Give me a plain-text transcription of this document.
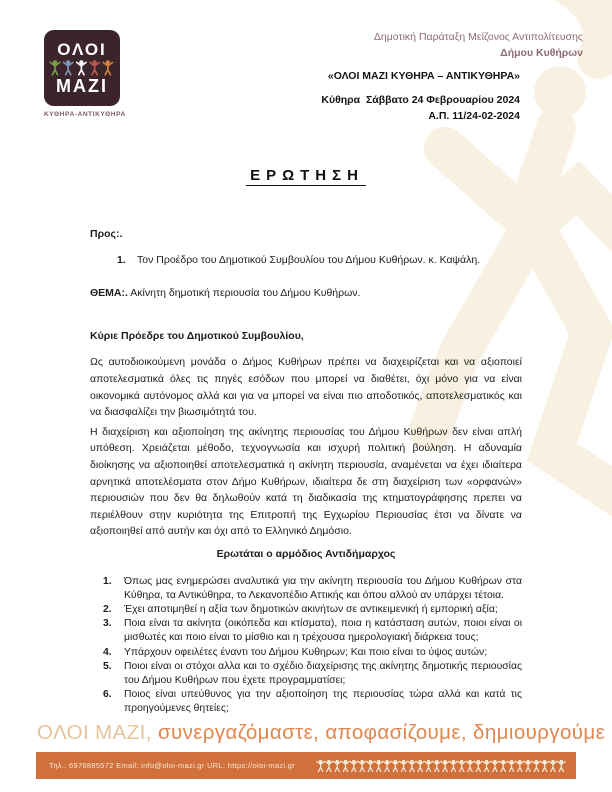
ΟΛΟΙ
ΜΑΖΙ
ΚΥΘΗΡΑ-ΑΝΤΙΚΥΘΗΡΑ
Δημοτική Παράταξη Μείζονος Αντιπολίτευσης
Δήμου Κυθήρων
«ΟΛΟΙ ΜΑΖΙ ΚΥΘΗΡΑ – ΑΝΤΙΚΥΘΗΡΑ»
Κύθηρα  Σάββατο 24 Φεβρουαρίου 2024
Α.Π. 11/24-02-2024
ΕΡΩΤΗΣΗ
Προς:.
1.	Τον Προέδρο του Δημοτικού Συμβουλίου του Δήμου Κυθήρων. κ. Καψάλη.
ΘΕΜΑ:. Ακίνητη δημοτική περιουσία του Δήμου Κυθήρων.
Κύριε Πρόεδρε του Δημοτικού Συμβουλίου,
Ως αυτοδιοικούμενη μονάδα ο Δήμος Κυθήρων πρέπει να διαχειρίζεται και να αξιοποιεί αποτελεσματικά όλες τις πηγές εσόδων που μπορεί να διαθέτει, όχι μόνο για να είναι οικονομικά αυτόνομος αλλά και για να μπορεί να είναι πιο αποδοτικός, αποτελεσματικός και να διασφαλίζει την βιωσιμότητά του.
Η διαχείριση και αξιοποίηση της ακίνητης περιουσίας του Δήμου Κυθήρων δεν είναι απλή υπόθεση. Χρειάζεται μέθοδο, τεχνογνωσία και ισχυρή πολιτική βούληση. Η αδυναμία διοίκησης να αξιοποιηθεί αποτελεσματικά η ακίνητη περιουσία, αναμένεται να έχει ιδιαίτερα αρνητικά αποτελέσματα στον Δήμο Κυθήρων, ιδιαίτερα δε στη διαχείριση των «ορφανών» περιουσιών που δεν θα δηλωθούν κατά τη διαδικασία της κτηματογράφησης πρεπει να περιέλθουν στην κυριότητα της Επιτροπή της Εγχωρίου Περιουσίας έτσι να δίνατε να αξιοποιηθεί από αυτήν και όχι από το Ελληνικό Δημόσιο.
Ερωτάται ο αρμόδιος Αντιδήμαρχος
1.	Όπως μας ενημερώσει αναλυτικά για την ακίνητη περιουσία του Δήμου Κυθήρων στα Κύθηρα, τα Αντικύθηρα, το Λεκανοπέδιο Αττικής και όπου αλλού αν υπάρχει τέτοια.
2.	Έχει αποτιμηθεί η αξία των δημοτικών ακινήτων σε αντικειμενική ή εμπορική αξία;
3.	Ποια είναι τα ακίνητα (οικόπεδα και κτίσματα), ποια η κατάσταση αυτών, ποιοι είναι οι μισθωτές και ποιο είναι το μίσθιο και η τρέχουσα ημερολογιακή διάρκεια τους;
4.	Υπάρχουν οφειλέτες έναντι του Δήμου Κυθηρων; Και ποιο είναι το ύψος αυτών;
5.	Ποιοι είναι οι στόχοι αλλα και το σχέδιο διαχείρισης της ακίνητης δημοτικής περιουσίας του Δήμου Κυθήρων που έχετε προγραμματίσει;
6.	Ποιος είναι υπεύθυνος για την αξιοποίηση της περιουσίας τώρα αλλά και κατά τις προηγούμενες θητείες;
ΟΛΟΙ ΜΑΖΙ, συνεργαζόμαστε, αποφασίζουμε, δημιουργούμε
Τηλ.: 6976885572 Email: info@oloi-mazi.gr URL: https://oloi-mazi.gr
